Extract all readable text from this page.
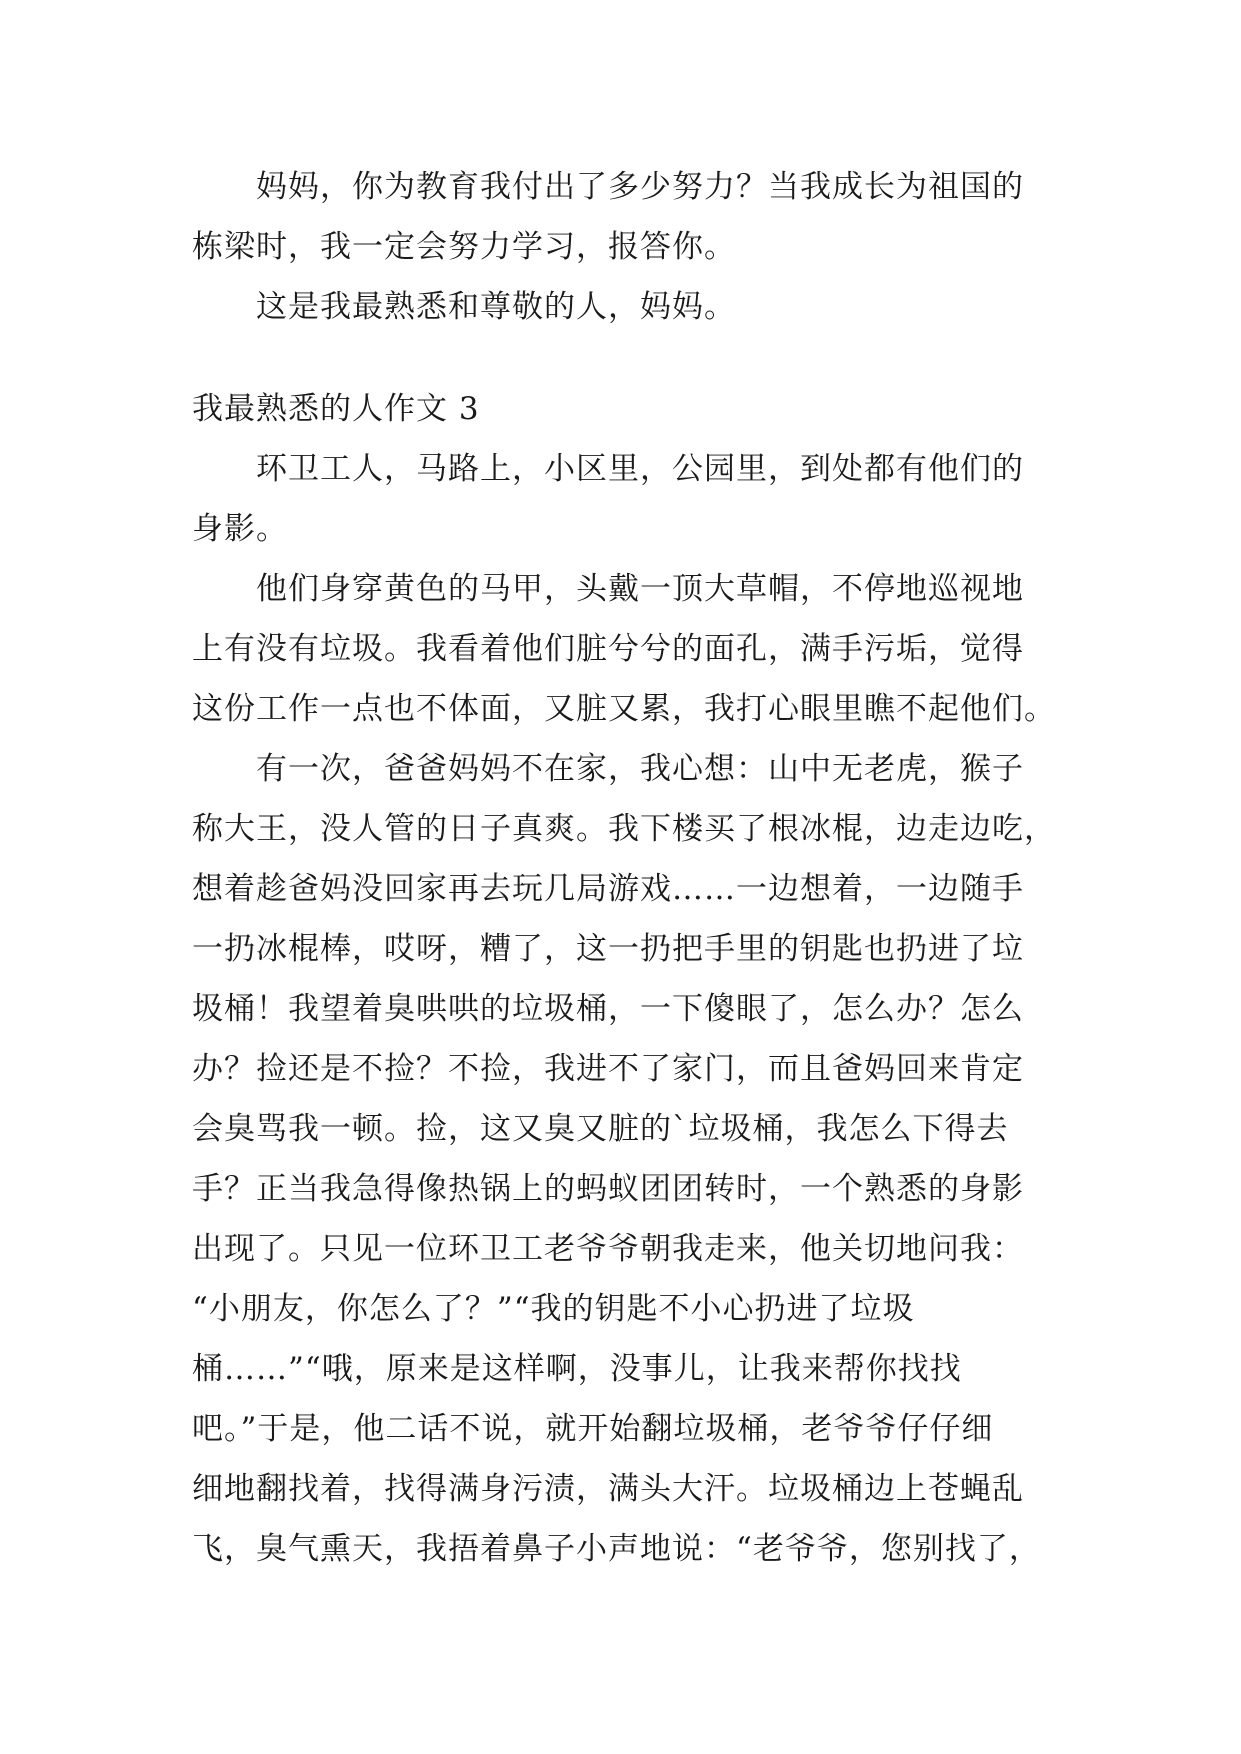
妈妈，你为教育我付出了多少努力？当我成长为祖国的
栋梁时，我一定会努力学习，报答你。
这是我最熟悉和尊敬的人，妈妈。
我最熟悉的人作文 3
环卫工人，马路上，小区里，公园里，到处都有他们的
身影。
他们身穿黄色的马甲，头戴一顶大草帽，不停地巡视地
上有没有垃圾。我看着他们脏兮兮的面孔，满手污垢，觉得
这份工作一点也不体面，又脏又累，我打心眼里瞧不起他们。
有一次，爸爸妈妈不在家，我心想：山中无老虎，猴子
称大王，没人管的日子真爽。我下楼买了根冰棍，边走边吃，
想着趁爸妈没回家再去玩几局游戏……一边想着，一边随手
一扔冰棍棒，哎呀，糟了，这一扔把手里的钥匙也扔进了垃
圾桶！我望着臭哄哄的垃圾桶，一下傻眼了，怎么办？怎么
办？捡还是不捡？不捡，我进不了家门，而且爸妈回来肯定
会臭骂我一顿。捡，这又臭又脏的`垃圾桶，我怎么下得去
手？正当我急得像热锅上的蚂蚁团团转时，一个熟悉的身影
出现了。只见一位环卫工老爷爷朝我走来，他关切地问我：
“小朋友，你怎么了？”“我的钥匙不小心扔进了垃圾
桶……”“哦，原来是这样啊，没事儿，让我来帮你找找
吧。”于是，他二话不说，就开始翻垃圾桶，老爷爷仔仔细
细地翻找着，找得满身污渍，满头大汗。垃圾桶边上苍蝇乱
飞，臭气熏天，我捂着鼻子小声地说：“老爷爷，您别找了，
